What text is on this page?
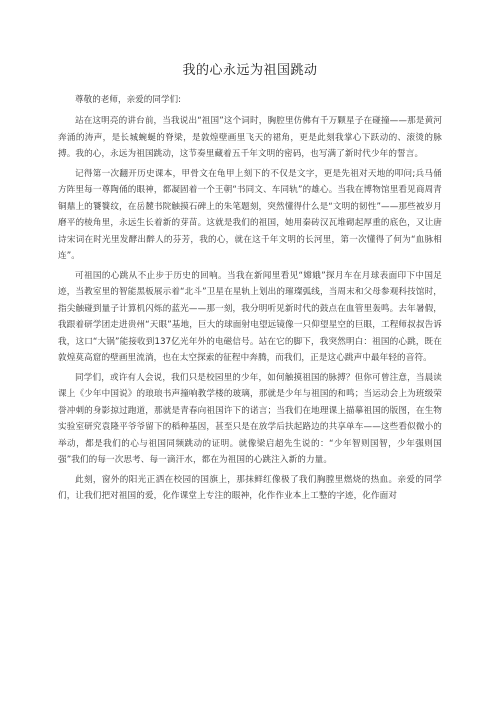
我的心永远为祖国跳动

尊敬的老师，亲爱的同学们:

站在这明亮的讲台前，当我说出“祖国”这个词时，胸腔里仿佛有千万颗星子在碰撞——那是黄河奔涌的涛声，是长城蜿蜒的脊梁，是敦煌壁画里飞天的裙角，更是此刻我掌心下跃动的、滚烫的脉搏。我的心，永远为祖国跳动，这节奏里藏着五千年文明的密码，也写满了新时代少年的誓言。

记得第一次翻开历史课本，甲骨文在龟甲上刻下的不仅是文字，更是先祖对天地的叩问;兵马俑方阵里每一尊陶俑的眼神，都凝固着一个王朝“书同文、车同轨”的雄心。当我在博物馆里看见商周青铜鼎上的饕餮纹，在岳麓书院触摸石碑上的朱笔题刻，突然懂得什么是“文明的韧性”——那些被岁月磨平的棱角里，永远生长着新的芽苗。这就是我们的祖国，她用秦砖汉瓦堆砌起厚重的底色，又让唐诗宋词在时光里发酵出醉人的芬芳，我的心，就在这千年文明的长河里，第一次懂得了何为“血脉相连”。

可祖国的心跳从不止步于历史的回响。当我在新闻里看见“嫦娥”探月车在月球表面印下中国足迹，当教室里的智能黑板展示着“北斗”卫星在星轨上划出的璀璨弧线，当周末和父母参观科技馆时，指尖触碰到量子计算机闪烁的蓝光——那一刻，我分明听见新时代的鼓点在血管里轰鸣。去年暑假，我跟着研学团走进贵州“天眼”基地，巨大的球面射电望远镜像一只仰望星空的巨眼，工程师叔叔告诉我，这口“大锅”能接收到137亿光年外的电磁信号。站在它的脚下，我突然明白：祖国的心跳，既在敦煌莫高窟的壁画里流淌，也在太空探索的征程中奔腾，而我们，正是这心跳声中最年轻的音符。

同学们，或许有人会说，我们只是校园里的少年，如何触摸祖国的脉搏？但你可曾注意，当晨读课上《少年中国说》的琅琅书声撞响教学楼的玻璃，那就是少年与祖国的和鸣；当运动会上为班级荣誉冲刺的身影掠过跑道，那就是青春向祖国许下的诺言；当我们在地理课上描摹祖国的版图，在生物实验室研究袁隆平爷爷留下的稻种基因，甚至只是在放学后扶起路边的共享单车——这些看似微小的举动，都是我们的心与祖国同频跳动的证明。就像梁启超先生说的：“少年智则国智，少年强则国强”我们的每一次思考、每一滴汗水，都在为祖国的心跳注入新的力量。

此刻，窗外的阳光正洒在校园的国旗上，那抹鲜红像极了我们胸膛里燃烧的热血。亲爱的同学们，让我们把对祖国的爱，化作课堂上专注的眼神，化作作业本上工整的字迹，化作面对
